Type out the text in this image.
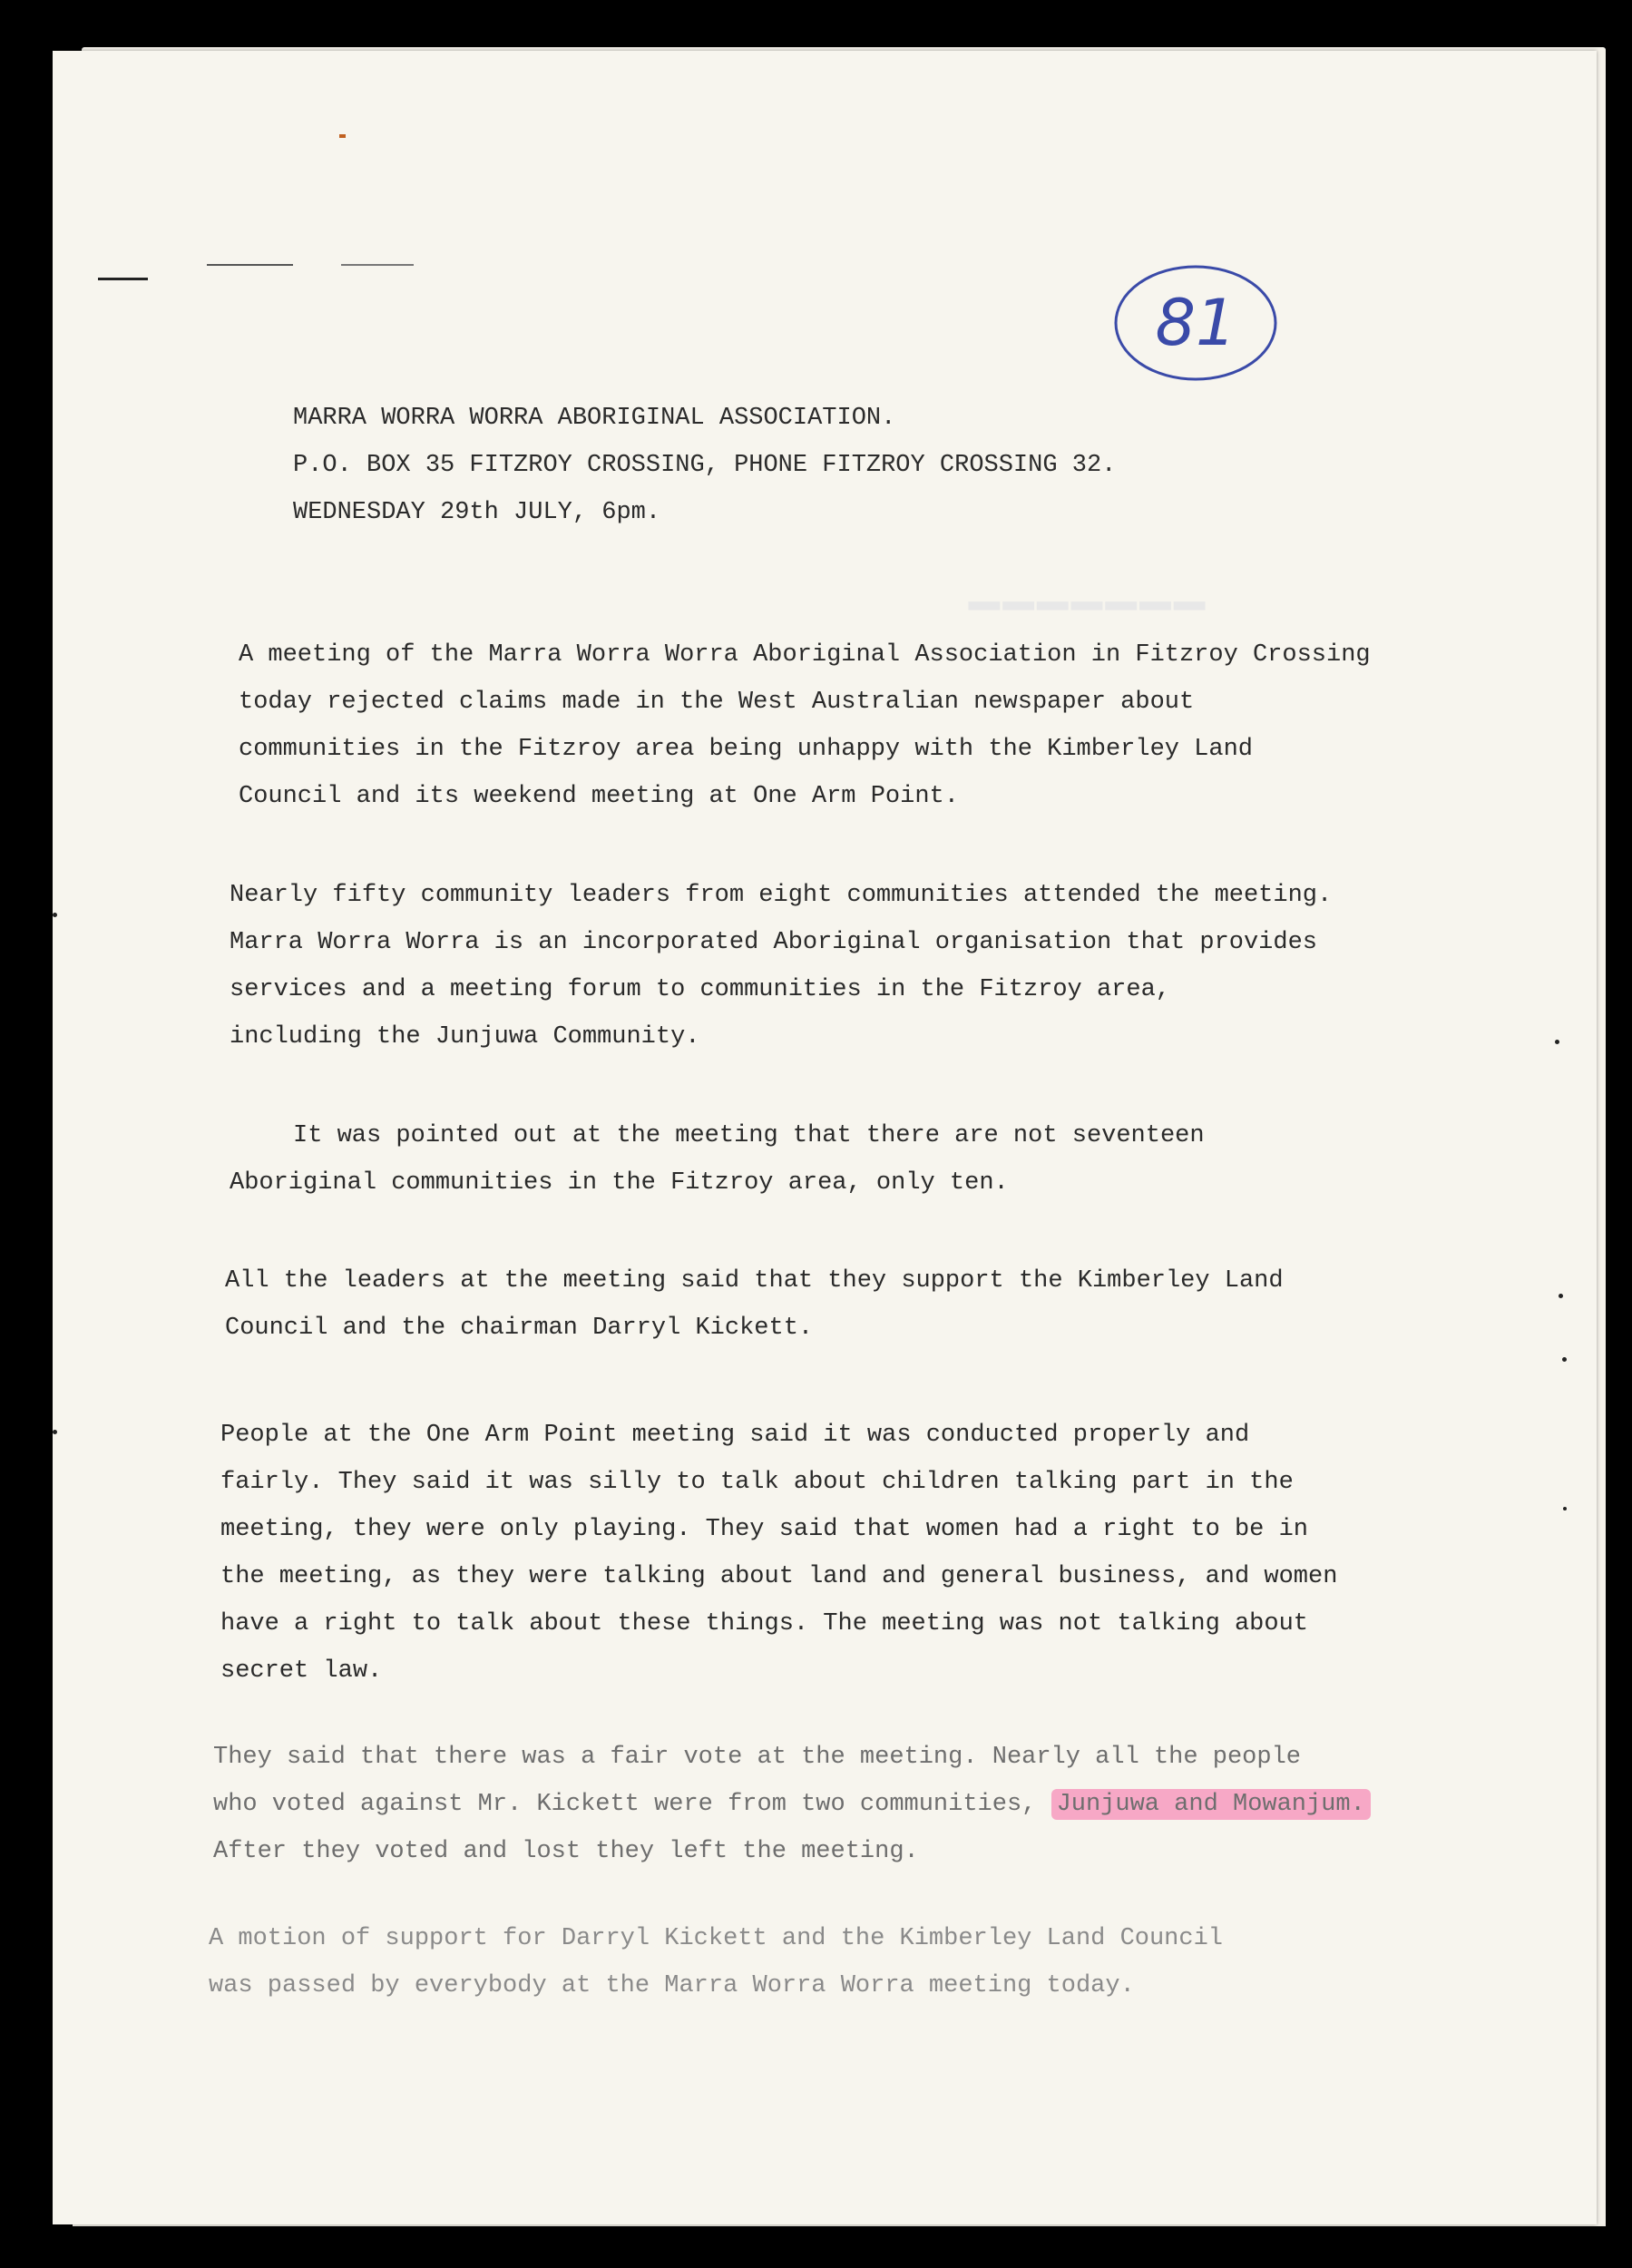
━━━━━━━
81
MARRA WORRA WORRA ABORIGINAL ASSOCIATION.
P.O. BOX 35 FITZROY CROSSING, PHONE FITZROY CROSSING 32.
WEDNESDAY 29th JULY, 6pm.
A meeting of the Marra Worra Worra Aboriginal Association in Fitzroy Crossing
today rejected claims made in the West Australian newspaper about
communities in the Fitzroy area being unhappy with the Kimberley Land
Council and its weekend meeting at One Arm Point.
Nearly fifty community leaders from eight communities attended the meeting.
Marra Worra Worra is an incorporated Aboriginal organisation that provides
services and a meeting forum to communities in the Fitzroy area,
including the Junjuwa Community.
It was pointed out at the meeting that there are not seventeen
Aboriginal communities in the Fitzroy area, only ten.
All the leaders at the meeting said that they support the Kimberley Land
Council and the chairman Darryl Kickett.
People at the One Arm Point meeting said it was conducted properly and
fairly. They said it was silly to talk about children talking part in the
meeting, they were only playing. They said that women had a right to be in
the meeting, as they were talking about land and general business, and women
have a right to talk about these things. The meeting was not talking about
secret law.
They said that there was a fair vote at the meeting. Nearly all the people
who voted against Mr. Kickett were from two communities, Junjuwa and Mowanjum.
After they voted and lost they left the meeting.
A motion of support for Darryl Kickett and the Kimberley Land Council
was passed by everybody at the Marra Worra Worra meeting today.
